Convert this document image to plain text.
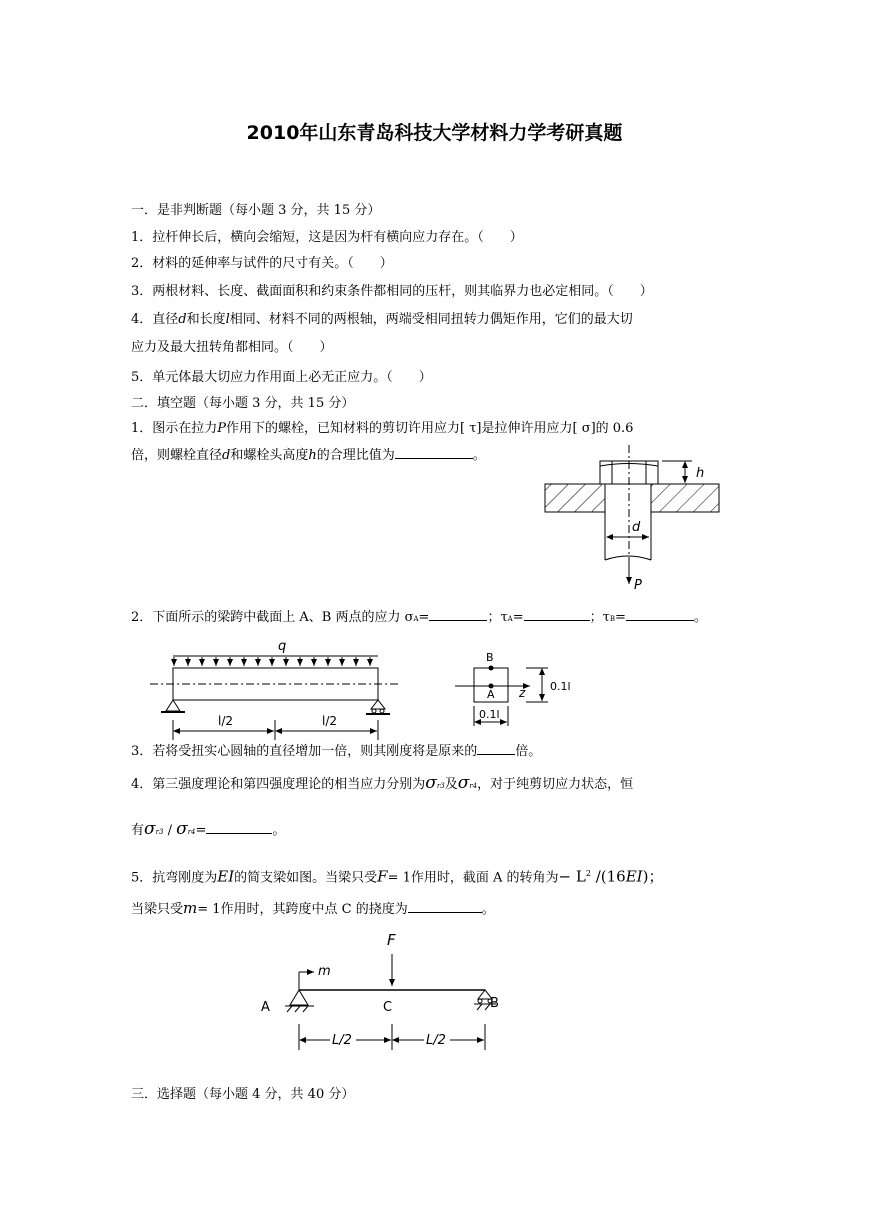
2010年山东青岛科技大学材料力学考研真题
一．是非判断题（每小题 3 分，共 15 分）
1．拉杆伸长后，横向会缩短，这是因为杆有横向应力存在。（　　）
2．材料的延伸率与试件的尺寸有关。（　　）
3．两根材料、长度、截面面积和约束条件都相同的压杆，则其临界力也必定相同。（　　）
4．直径d和长度l相同、材料不同的两根轴，两端受相同扭转力偶矩作用，它们的最大切
应力及最大扭转角都相同。（　　）
5．单元体最大切应力作用面上必无正应力。（　　）
二．填空题（每小题 3 分，共 15 分）
1．图示在拉力P作用下的螺栓，已知材料的剪切许用应力[ τ]是拉伸许用应力[ σ]的 0.6
倍，则螺栓直径d和螺栓头高度h的合理比值为	。
2．下面所示的梁跨中截面上 A、B 两点的应力 σA=	；τA=	；τB=	。
3．若将受扭实心圆轴的直径增加一倍，则其刚度将是原来的	倍。
4．第三强度理论和第四强度理论的相当应力分别为σr3及σr4，对于纯剪切应力状态，恒
有σr3 / σr4=	。
5．抗弯刚度为EI的简支梁如图。当梁只受F= 1作用时，截面 A 的转角为− $L^2$ /(16EI)；
当梁只受m= 1作用时，其跨度中点 C 的挠度为	。
三．选择题（每小题 4 分，共 40 分）
h
d
P
q
l/2	l/2
B
A z 0.1l
0.1l
F
m
A	C	B
L/2	L/2
